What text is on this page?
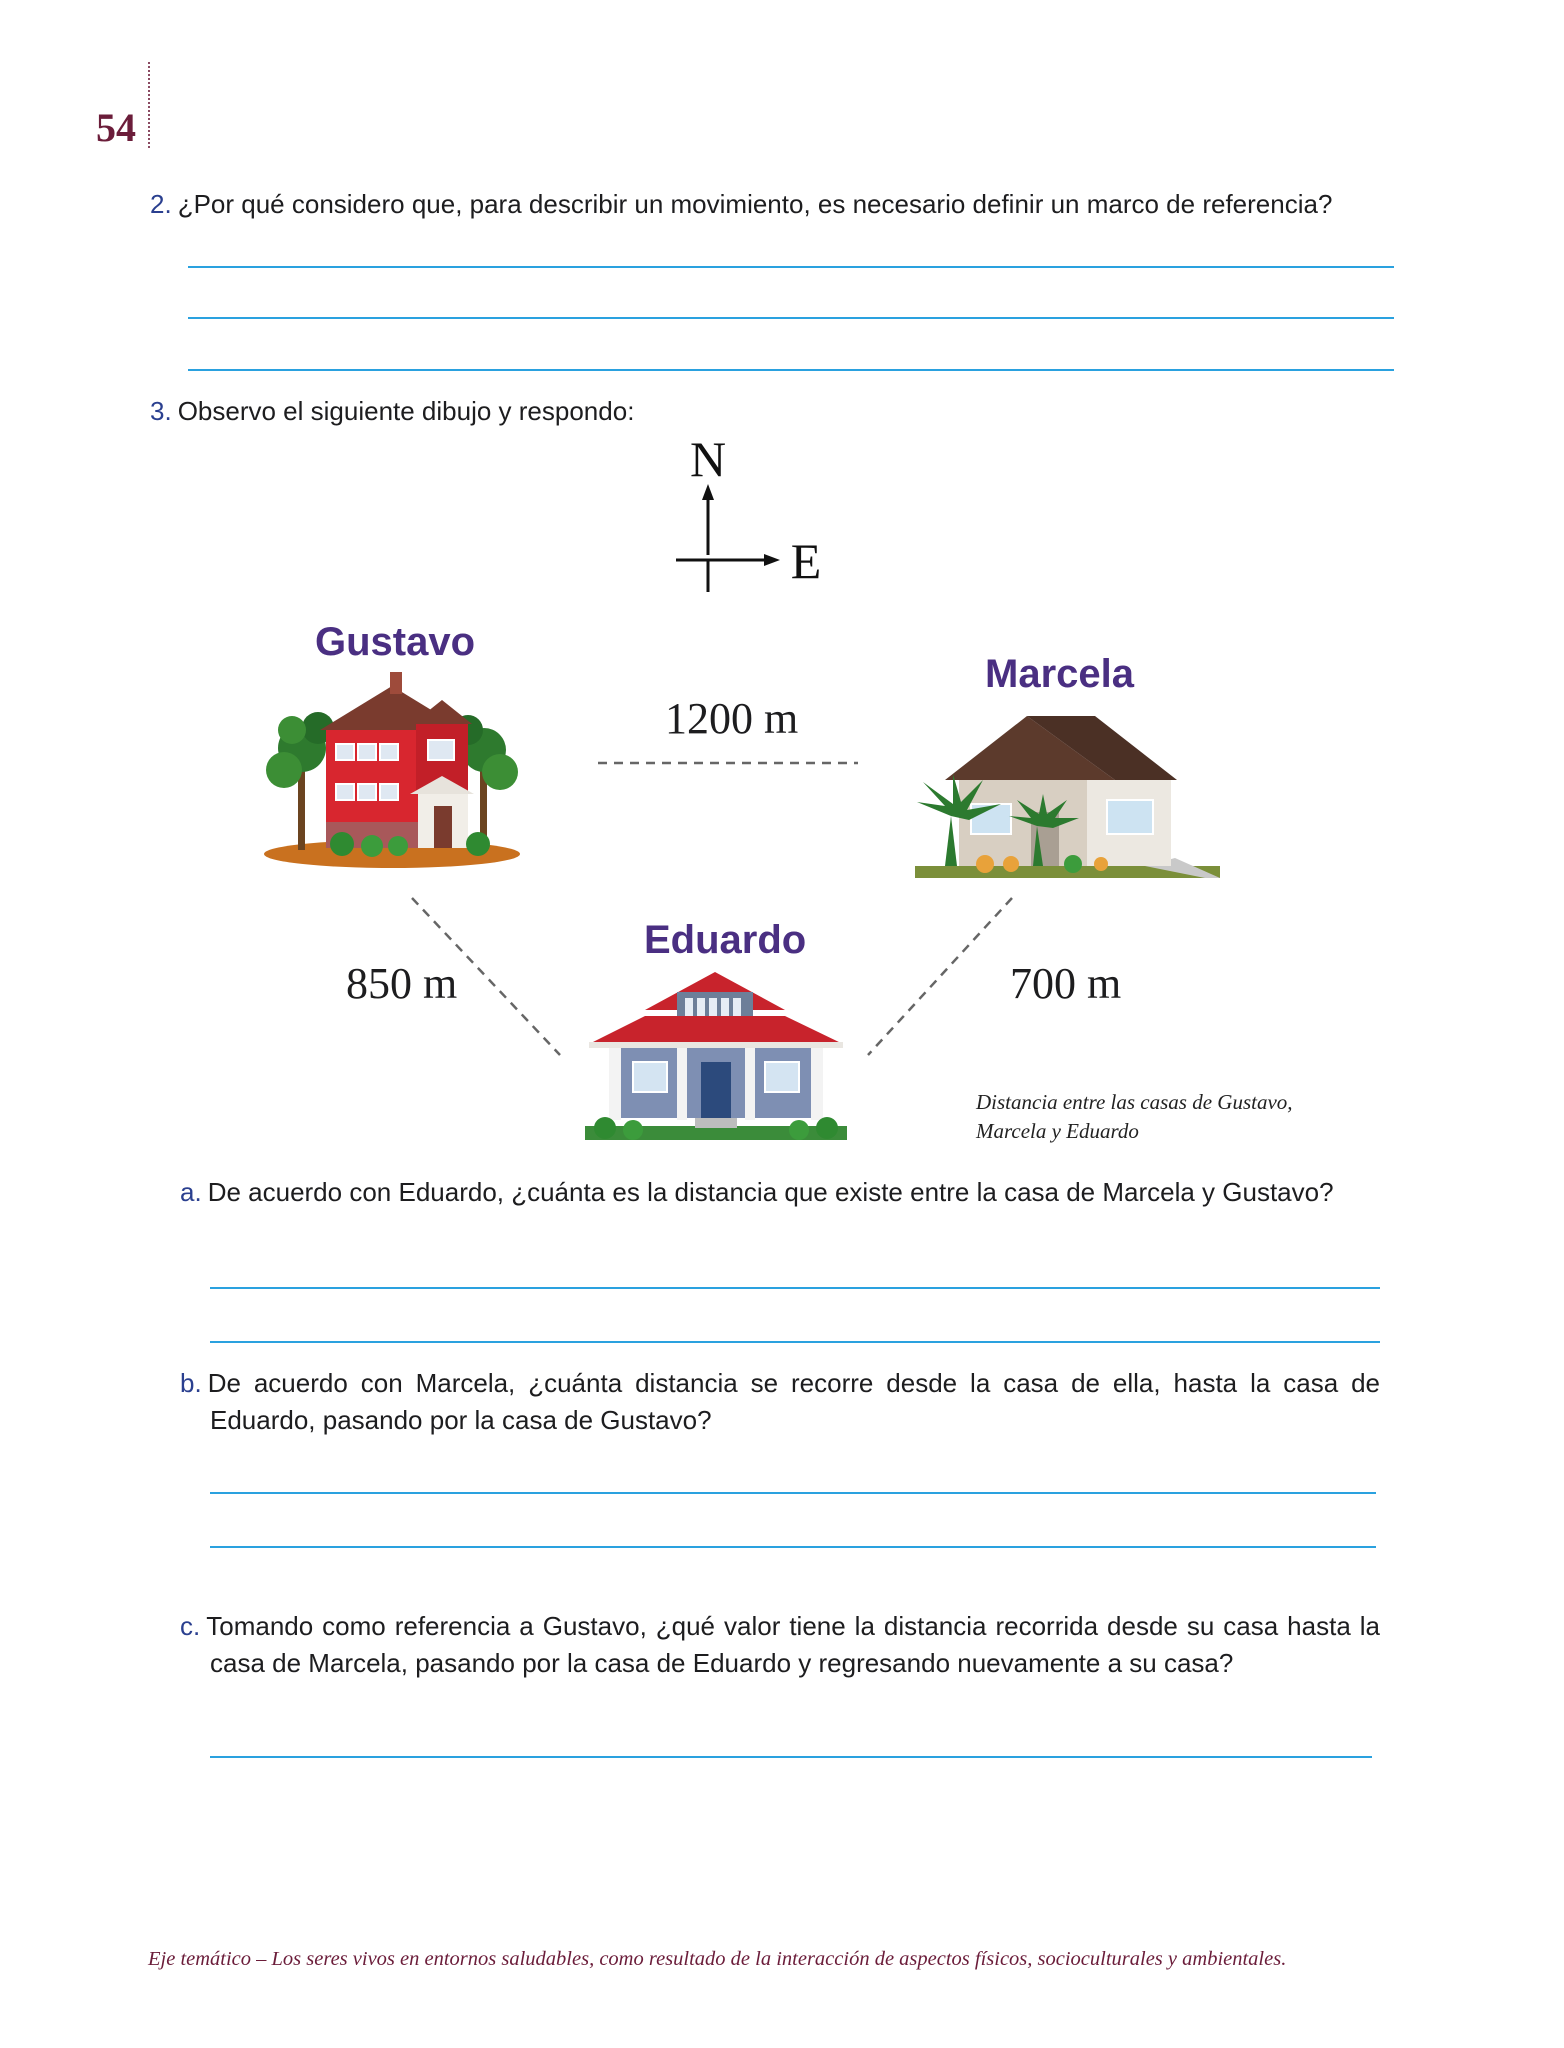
54
2. ¿Por qué considero que, para describir un movimiento, es necesario definir un marco de referencia?
3. Observo el siguiente dibujo y respondo:
N
E
Gustavo
Marcela
Eduardo
1200 m
850 m	700 m
Distancia entre las casas de Gustavo, Marcela y Eduardo
a. De acuerdo con Eduardo, ¿cuánta es la distancia que existe entre la casa de Marcela y Gustavo?
b. De acuerdo con Marcela, ¿cuánta distancia se recorre desde la casa de ella, hasta la casa de Eduardo, pasando por la casa de Gustavo?
c. Tomando como referencia a Gustavo, ¿qué valor tiene la distancia recorrida desde su casa hasta la casa de Marcela, pasando por la casa de Eduardo y regresando nuevamente a su casa?
Eje temático – Los seres vivos en entornos saludables, como resultado de la interacción de aspectos físicos, socioculturales y ambientales.
